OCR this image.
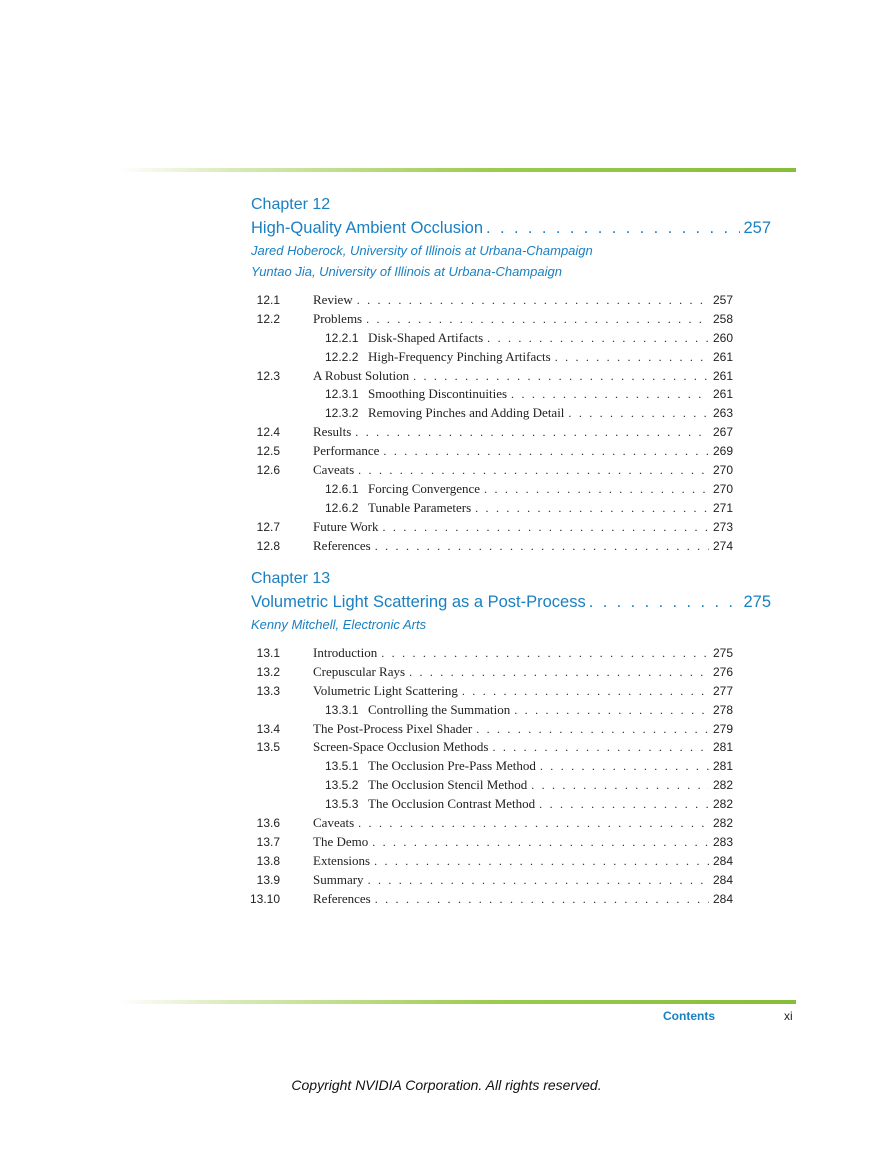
Chapter 12
High-Quality Ambient Occlusion . . .	257
Jared Hoberock, University of Illinois at Urbana-Champaign
Yuntao Jia, University of Illinois at Urbana-Champaign
12.1	Review . . .	257
12.2	Problems . . .	258
12.2.1 Disk-Shaped Artifacts . . .	260
12.2.2 High-Frequency Pinching Artifacts . . .	261
12.3	A Robust Solution . . .	261
12.3.1 Smoothing Discontinuities . . .	261
12.3.2 Removing Pinches and Adding Detail . . .	263
12.4	Results . . .	267
12.5	Performance . . .	269
12.6	Caveats . . .	270
12.6.1 Forcing Convergence . . .	270
12.6.2 Tunable Parameters . . .	271
12.7	Future Work . . .	273
12.8	References . . .	274
Chapter 13
Volumetric Light Scattering as a Post-Process . . .	275
Kenny Mitchell, Electronic Arts
13.1	Introduction . . .	275
13.2	Crepuscular Rays . . .	276
13.3	Volumetric Light Scattering . . .	277
13.3.1 Controlling the Summation . . .	278
13.4	The Post-Process Pixel Shader . . .	279
13.5	Screen-Space Occlusion Methods . . .	281
13.5.1 The Occlusion Pre-Pass Method . . .	281
13.5.2 The Occlusion Stencil Method . . .	282
13.5.3 The Occlusion Contrast Method . . .	282
13.6	Caveats . . .	282
13.7	The Demo . . .	283
13.8	Extensions . . .	284
13.9	Summary . . .	284
13.10	References . . .	284
Contents	xi
Copyright NVIDIA Corporation. All rights reserved.
